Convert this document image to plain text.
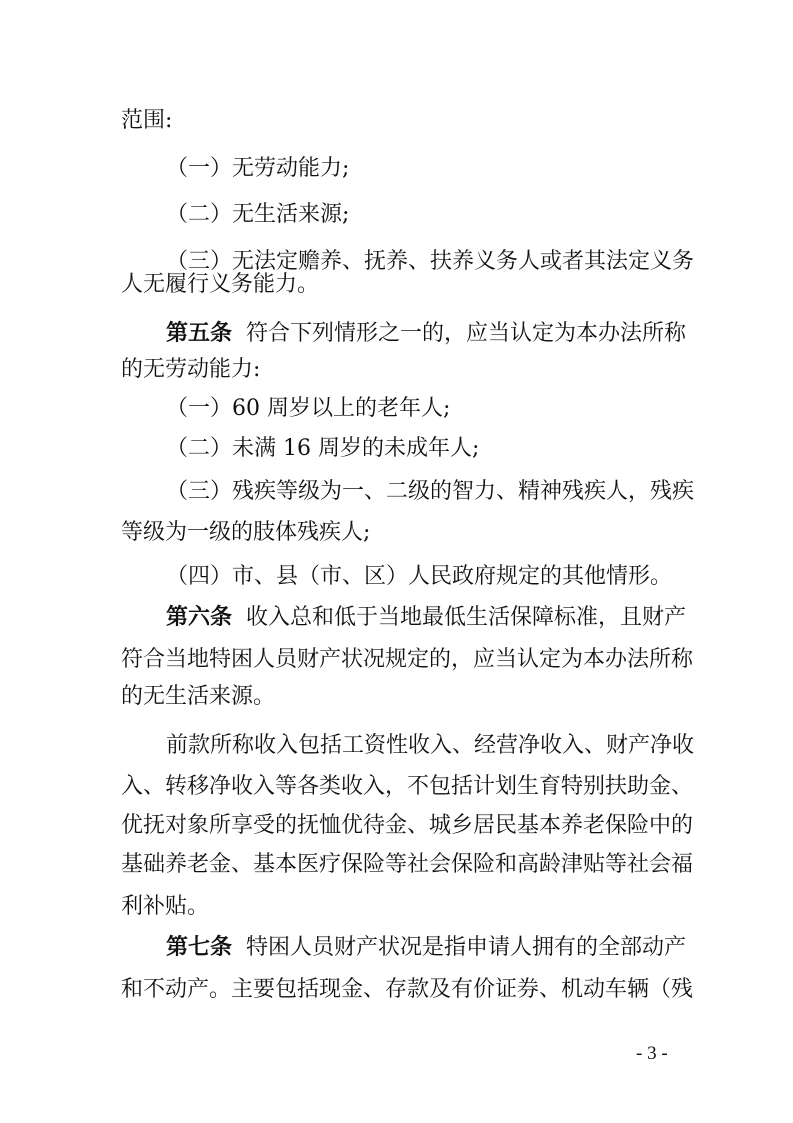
范围:
（一）无劳动能力;
（二）无生活来源;
（三）无法定赡养、抚养、扶养义务人或者其法定义务
人无履行义务能力。
第五条 符合下列情形之一的，应当认定为本办法所称
的无劳动能力:
（一）60 周岁以上的老年人;
（二）未满 16 周岁的未成年人;
（三）残疾等级为一、二级的智力、精神残疾人，残疾
等级为一级的肢体残疾人;
（四）市、县（市、区）人民政府规定的其他情形。
第六条 收入总和低于当地最低生活保障标准，且财产
符合当地特困人员财产状况规定的，应当认定为本办法所称
的无生活来源。
前款所称收入包括工资性收入、经营净收入、财产净收
入、转移净收入等各类收入，不包括计划生育特别扶助金、
优抚对象所享受的抚恤优待金、城乡居民基本养老保险中的
基础养老金、基本医疗保险等社会保险和高龄津贴等社会福
利补贴。
第七条 特困人员财产状况是指申请人拥有的全部动产
和不动产。主要包括现金、存款及有价证券、机动车辆（残
- 3 -
